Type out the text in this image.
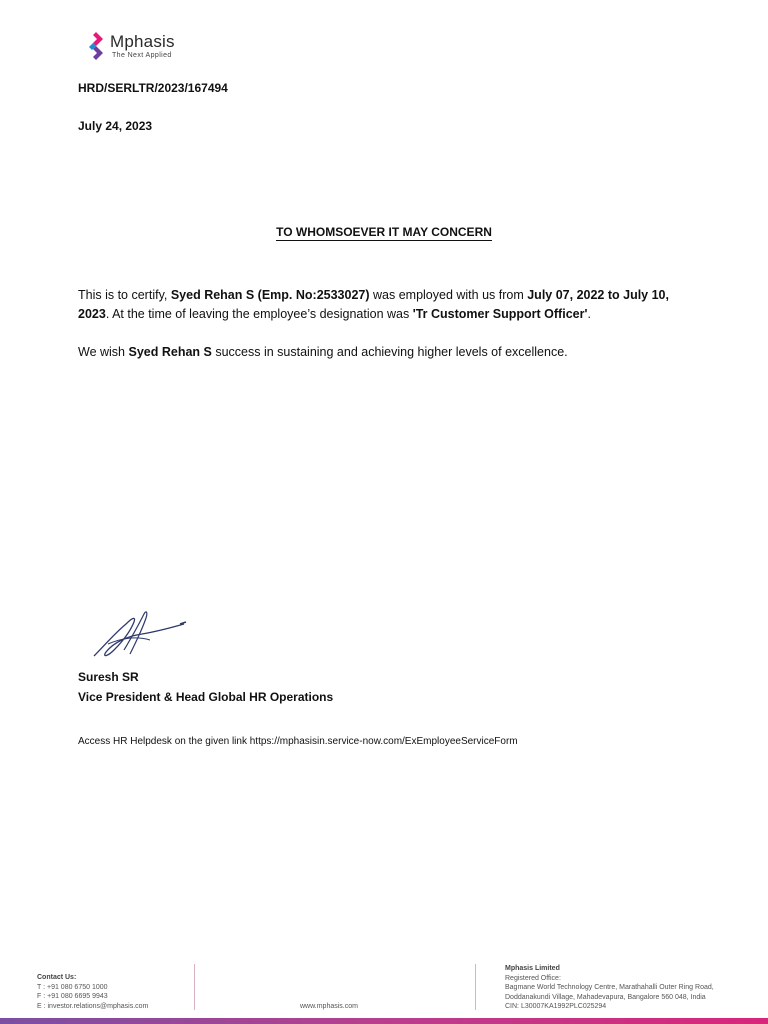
Mphasis
The Next Applied
HRD/SERLTR/2023/167494
July 24, 2023
TO WHOMSOEVER IT MAY CONCERN
This is to certify, Syed Rehan S (Emp. No:2533027) was employed with us from July 07, 2022 to July 10, 2023. At the time of leaving the employee’s designation was 'Tr Customer Support Officer'.
We wish Syed Rehan S success in sustaining and achieving higher levels of excellence.
Suresh SR
Vice President & Head Global HR Operations
Access HR Helpdesk on the given link https://mphasisin.service-now.com/ExEmployeeServiceForm
Contact Us:
T : +91 080 6750 1000
F : +91 080 6695 9943
E : investor.relations@mphasis.com	www.mphasis.com
Mphasis Limited
Registered Office:
Bagmane World Technology Centre, Marathahalli Outer Ring Road,
Doddanakundi Village, Mahadevapura, Bangalore 560 048, India
CIN: L30007KA1992PLC025294
